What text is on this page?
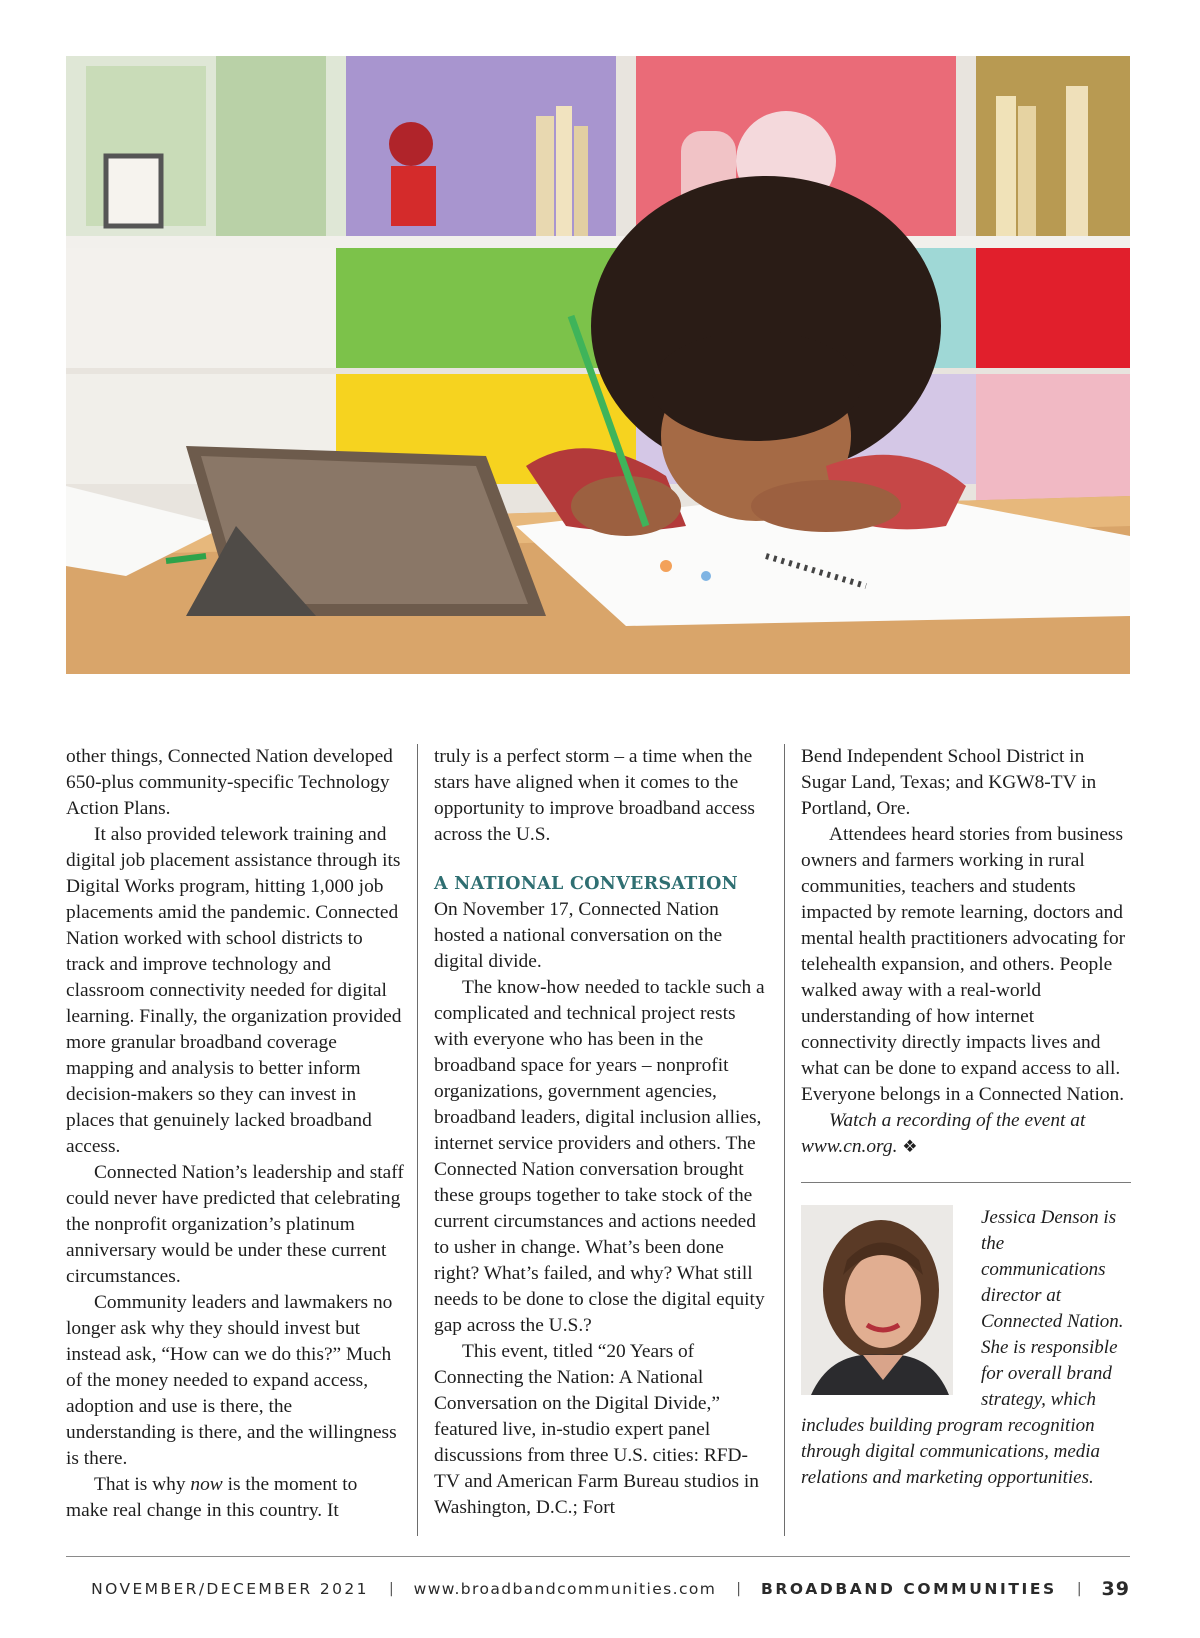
other things, Connected Nation developed 650-plus community-specific Technology Action Plans.

It also provided telework training and digital job placement assistance through its Digital Works program, hitting 1,000 job placements amid the pandemic. Connected Nation worked with school districts to track and improve technology and classroom connectivity needed for digital learning. Finally, the organization provided more granular broadband coverage mapping and analysis to better inform decision-makers so they can invest in places that genuinely lacked broadband access.

Connected Nation’s leadership and staff could never have predicted that celebrating the nonprofit organization’s platinum anniversary would be under these current circumstances.

Community leaders and lawmakers no longer ask why they should invest but instead ask, “How can we do this?” Much of the money needed to expand access, adoption and use is there, the understanding is there, and the willingness is there.

That is why now is the moment to make real change in this country. It

truly is a perfect storm – a time when the stars have aligned when it comes to the opportunity to improve broadband access across the U.S.

A NATIONAL CONVERSATION

On November 17, Connected Nation hosted a national conversation on the digital divide.

The know-how needed to tackle such a complicated and technical project rests with everyone who has been in the broadband space for years – nonprofit organizations, government agencies, broadband leaders, digital inclusion allies, internet service providers and others. The Connected Nation conversation brought these groups together to take stock of the current circumstances and actions needed to usher in change. What’s been done right? What’s failed, and why? What still needs to be done to close the digital equity gap across the U.S.?

This event, titled “20 Years of Connecting the Nation: A National Conversation on the Digital Divide,” featured live, in-studio expert panel discussions from three U.S. cities: RFD-TV and American Farm Bureau studios in Washington, D.C.; Fort

Bend Independent School District in Sugar Land, Texas; and KGW8-TV in Portland, Ore.

Attendees heard stories from business owners and farmers working in rural communities, teachers and students impacted by remote learning, doctors and mental health practitioners advocating for telehealth expansion, and others. People walked away with a real-world understanding of how internet connectivity directly impacts lives and what can be done to expand access to all. Everyone belongs in a Connected Nation.

Watch a recording of the event at www.cn.org. ❖

Jessica Denson is the communications director at Connected Nation. She is responsible for overall brand strategy, which includes building program recognition through digital communications, media relations and marketing opportunities.
NOVEMBER/DECEMBER 2021 | www.broadbandcommunities.com | BROADBAND COMMUNITIES | 39
